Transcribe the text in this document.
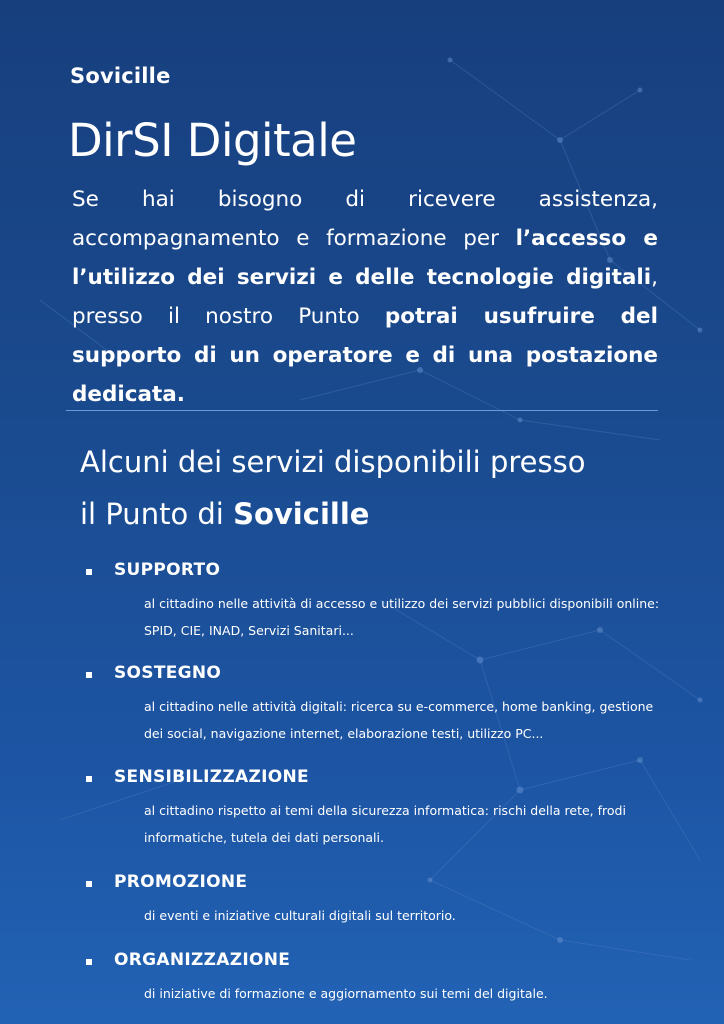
Sovicille
DirSI Digitale
Se hai bisogno di ricevere assistenza, accompagnamento e formazione per l’accesso e l’utilizzo dei servizi e delle tecnologie digitali, presso il nostro Punto potrai usufruire del supporto di un operatore e di una postazione dedicata.
Alcuni dei servizi disponibili presso
il Punto di Sovicille
SUPPORTO
al cittadino nelle attività di accesso e utilizzo dei servizi pubblici disponibili online: SPID, CIE, INAD, Servizi Sanitari...
SOSTEGNO
al cittadino nelle attività digitali: ricerca su e-commerce, home banking, gestione dei social, navigazione internet, elaborazione testi, utilizzo PC...
SENSIBILIZZAZIONE
al cittadino rispetto ai temi della sicurezza informatica: rischi della rete, frodi informatiche, tutela dei dati personali.
PROMOZIONE
di eventi e iniziative culturali digitali sul territorio.
ORGANIZZAZIONE
di iniziative di formazione e aggiornamento sui temi del digitale.
